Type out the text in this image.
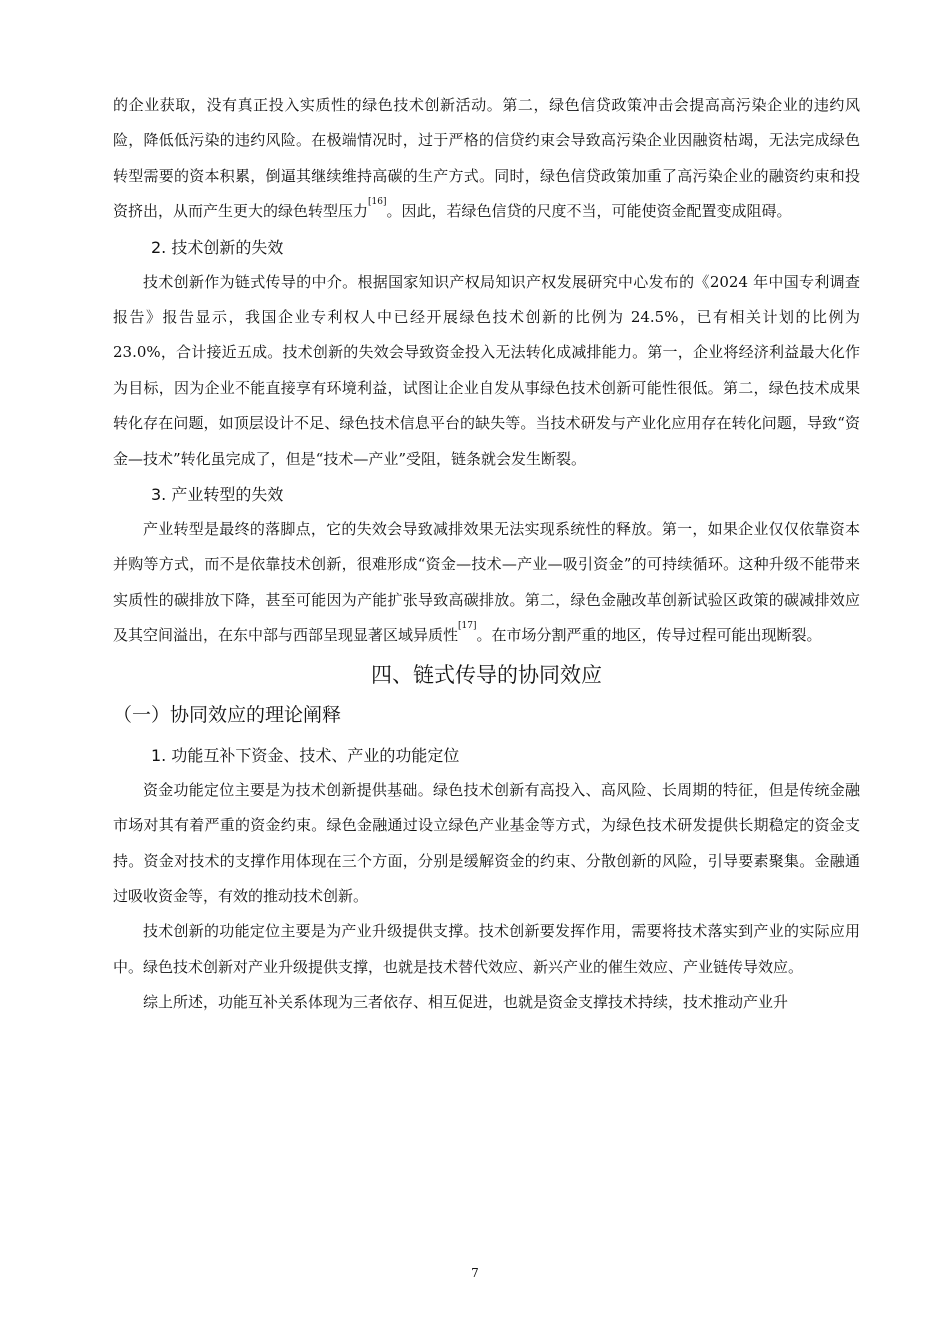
的企业获取，没有真正投入实质性的绿色技术创新活动。第二，绿色信贷政策冲击会提高高污染企业的违约风险，降低低污染的违约风险。在极端情况时，过于严格的信贷约束会导致高污染企业因融资枯竭，无法完成绿色转型需要的资本积累，倒逼其继续维持高碳的生产方式。同时，绿色信贷政策加重了高污染企业的融资约束和投资挤出，从而产生更大的绿色转型压力[16]。因此，若绿色信贷的尺度不当，可能使资金配置变成阻碍。

2. 技术创新的失效

技术创新作为链式传导的中介。根据国家知识产权局知识产权发展研究中心发布的《2024 年中国专利调查报告》报告显示，我国企业专利权人中已经开展绿色技术创新的比例为 24.5%，已有相关计划的比例为 23.0%，合计接近五成。技术创新的失效会导致资金投入无法转化成减排能力。第一，企业将经济利益最大化作为目标，因为企业不能直接享有环境利益，试图让企业自发从事绿色技术创新可能性很低。第二，绿色技术成果转化存在问题，如顶层设计不足、绿色技术信息平台的缺失等。当技术研发与产业化应用存在转化问题，导致“资金—技术”转化虽完成了，但是“技术—产业”受阻，链条就会发生断裂。

3. 产业转型的失效

产业转型是最终的落脚点，它的失效会导致减排效果无法实现系统性的释放。第一，如果企业仅仅依靠资本并购等方式，而不是依靠技术创新，很难形成“资金—技术—产业—吸引资金”的可持续循环。这种升级不能带来实质性的碳排放下降，甚至可能因为产能扩张导致高碳排放。第二，绿色金融改革创新试验区政策的碳减排效应及其空间溢出，在东中部与西部呈现显著区域异质性[17]。在市场分割严重的地区，传导过程可能出现断裂。

四、链式传导的协同效应
（一）协同效应的理论阐释
1. 功能互补下资金、技术、产业的功能定位

资金功能定位主要是为技术创新提供基础。绿色技术创新有高投入、高风险、长周期的特征，但是传统金融市场对其有着严重的资金约束。绿色金融通过设立绿色产业基金等方式，为绿色技术研发提供长期稳定的资金支持。资金对技术的支撑作用体现在三个方面，分别是缓解资金的约束、分散创新的风险，引导要素聚集。金融通过吸收资金等，有效的推动技术创新。

技术创新的功能定位主要是为产业升级提供支撑。技术创新要发挥作用，需要将技术落实到产业的实际应用中。绿色技术创新对产业升级提供支撑，也就是技术替代效应、新兴产业的催生效应、产业链传导效应。

综上所述，功能互补关系体现为三者依存、相互促进，也就是资金支撑技术持续，技术推动产业升

7
